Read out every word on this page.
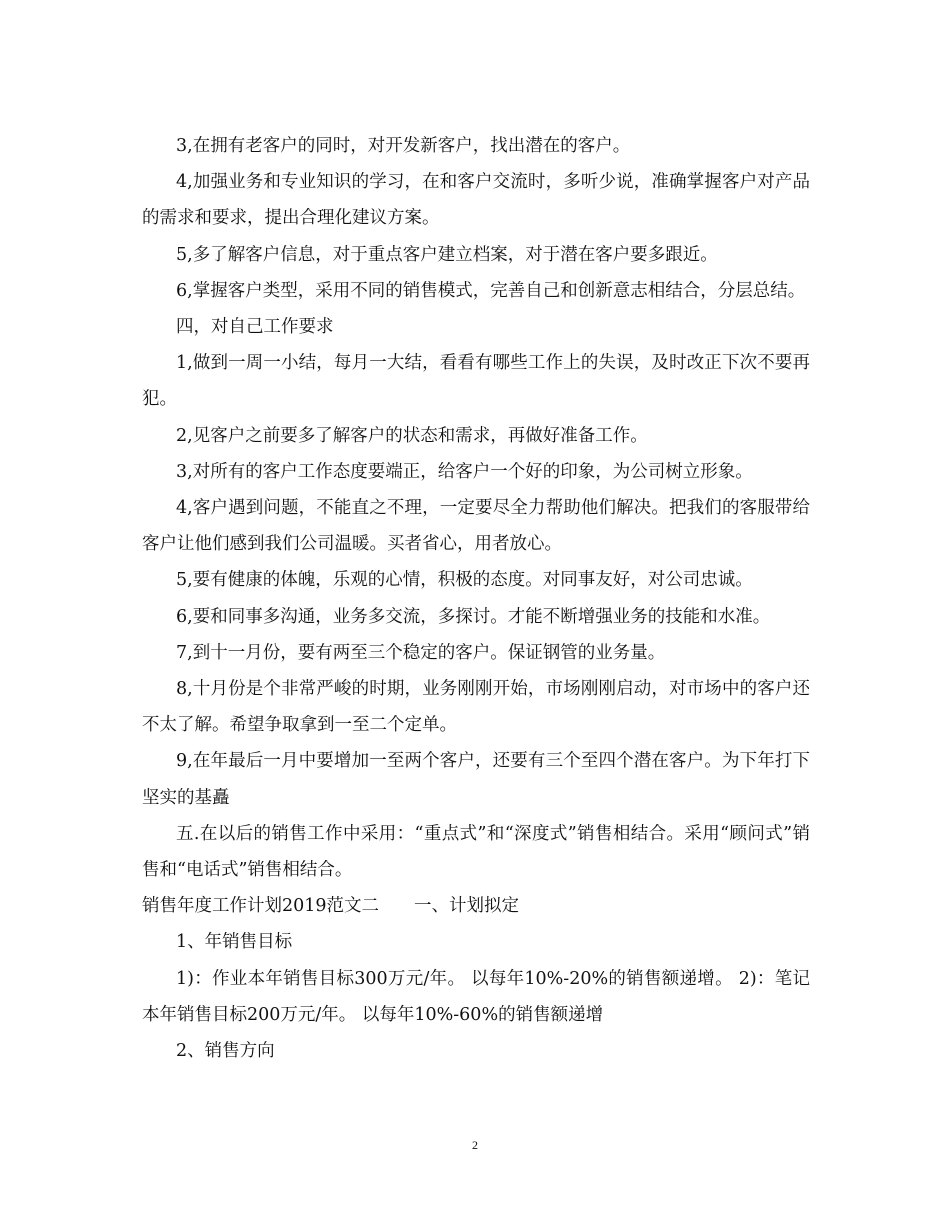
3,在拥有老客户的同时，对开发新客户，找出潜在的客户。

4,加强业务和专业知识的学习，在和客户交流时，多听少说，准确掌握客户对产品的需求和要求，提出合理化建议方案。

5,多了解客户信息，对于重点客户建立档案，对于潜在客户要多跟近。

6,掌握客户类型，采用不同的销售模式，完善自己和创新意志相结合，分层总结。

四，对自己工作要求

1,做到一周一小结，每月一大结，看看有哪些工作上的失误，及时改正下次不要再犯。

2,见客户之前要多了解客户的状态和需求，再做好准备工作。

3,对所有的客户工作态度要端正，给客户一个好的印象，为公司树立形象。

4,客户遇到问题，不能直之不理，一定要尽全力帮助他们解决。把我们的客服带给客户让他们感到我们公司温暖。买者省心，用者放心。

5,要有健康的体魄，乐观的心情，积极的态度。对同事友好，对公司忠诚。

6,要和同事多沟通，业务多交流，多探讨。才能不断增强业务的技能和水准。

7,到十一月份，要有两至三个稳定的客户。保证钢管的业务量。

8,十月份是个非常严峻的时期，业务刚刚开始，市场刚刚启动，对市场中的客户还不太了解。希望争取拿到一至二个定单。

9,在年最后一月中要增加一至两个客户，还要有三个至四个潜在客户。为下年打下坚实的基矗

五.在以后的销售工作中采用：“重点式”和“深度式”销售相结合。采用“顾问式”销售和“电话式”销售相结合。

销售年度工作计划2019范文二　　一、计划拟定

1、年销售目标

1)：作业本年销售目标300万元/年。 以每年10%-20%的销售额递增。 2)：笔记本年销售目标200万元/年。 以每年10%-60%的销售额递增

2、销售方向

2
